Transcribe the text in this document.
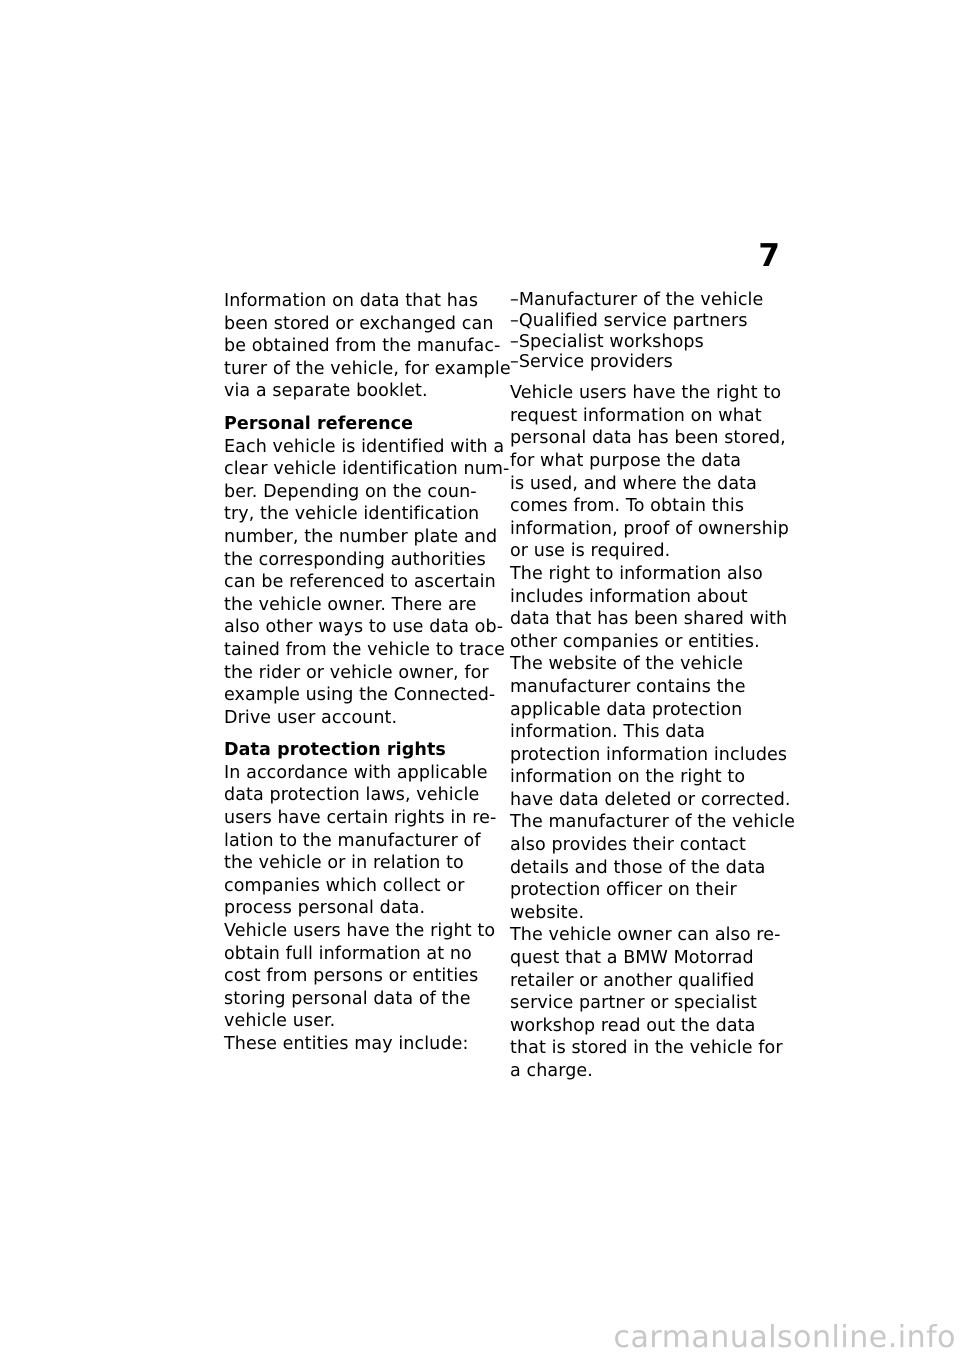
7
Information on data that has
been stored or exchanged can
be obtained from the manufac-
turer of the vehicle, for example
via a separate booklet.
Personal reference
Each vehicle is identified with a
clear vehicle identification num-
ber. Depending on the coun-
try, the vehicle identification
number, the number plate and
the corresponding authorities
can be referenced to ascertain
the vehicle owner. There are
also other ways to use data ob-
tained from the vehicle to trace
the rider or vehicle owner, for
example using the Connected-
Drive user account.
Data protection rights
In accordance with applicable
data protection laws, vehicle
users have certain rights in re-
lation to the manufacturer of
the vehicle or in relation to
companies which collect or
process personal data.
Vehicle users have the right to
obtain full information at no
cost from persons or entities
storing personal data of the
vehicle user.
These entities may include:
–Manufacturer of the vehicle
–Qualified service partners
–Specialist workshops
–Service providers
Vehicle users have the right to
request information on what
personal data has been stored,
for what purpose the data
is used, and where the data
comes from. To obtain this
information, proof of ownership
or use is required.
The right to information also
includes information about
data that has been shared with
other companies or entities.
The website of the vehicle
manufacturer contains the
applicable data protection
information. This data
protection information includes
information on the right to
have data deleted or corrected.
The manufacturer of the vehicle
also provides their contact
details and those of the data
protection officer on their
website.
The vehicle owner can also re-
quest that a BMW Motorrad
retailer or another qualified
service partner or specialist
workshop read out the data
that is stored in the vehicle for
a charge.
carmanualsonline.info
